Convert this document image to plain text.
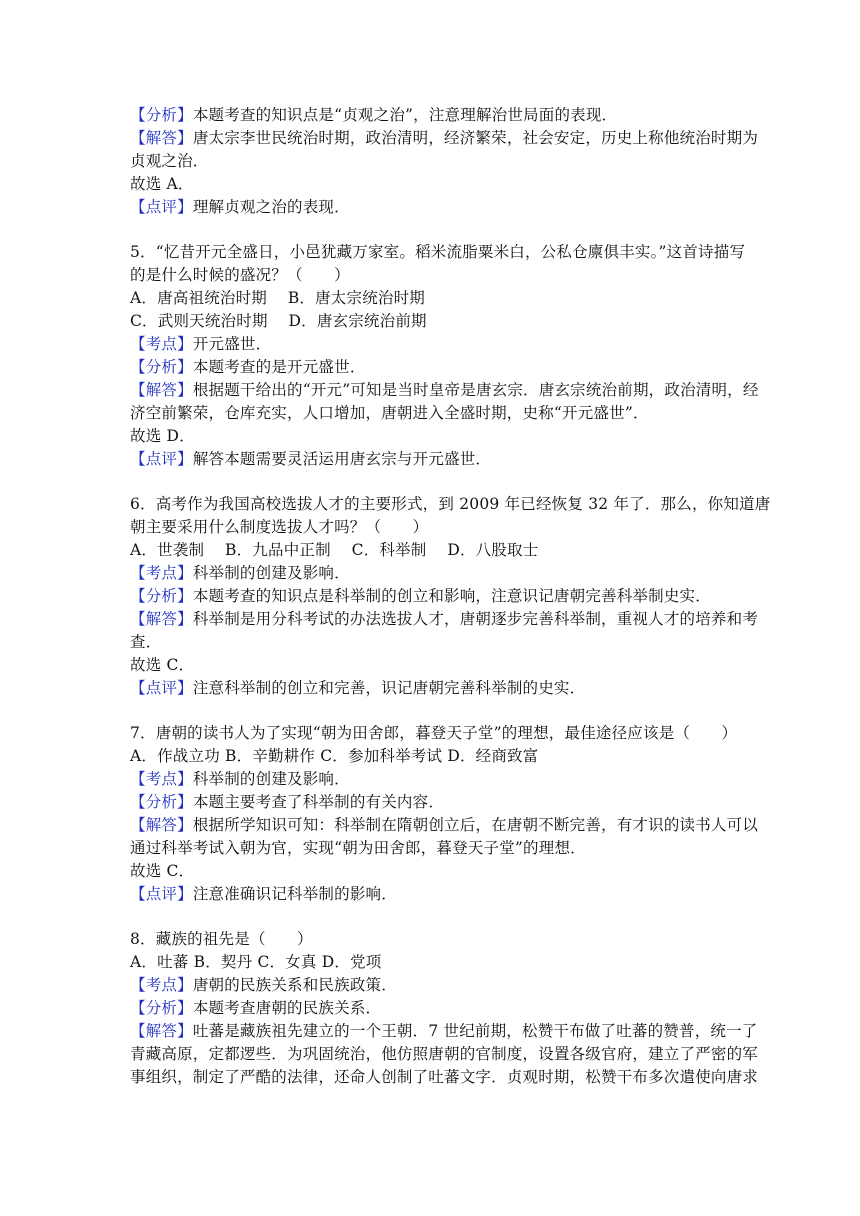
【分析】本题考查的知识点是“贞观之治”，注意理解治世局面的表现．
【解答】唐太宗李世民统治时期，政治清明，经济繁荣，社会安定，历史上称他统治时期为
贞观之治．
故选 A．
【点评】理解贞观之治的表现．
5．“忆昔开元全盛日，小邑犹藏万家室。稻米流脂粟米白，公私仓廪俱丰实。”这首诗描写
的是什么时候的盛况？（　　）
A．唐高祖统治时期　 B．唐太宗统治时期
C．武则天统治时期　 D．唐玄宗统治前期
【考点】开元盛世．
【分析】本题考查的是开元盛世．
【解答】根据题干给出的“开元”可知是当时皇帝是唐玄宗．唐玄宗统治前期，政治清明，经
济空前繁荣，仓库充实，人口增加，唐朝进入全盛时期，史称“开元盛世”．
故选 D．
【点评】解答本题需要灵活运用唐玄宗与开元盛世．
6．高考作为我国高校选拔人才的主要形式，到 2009 年已经恢复 32 年了．那么，你知道唐
朝主要采用什么制度选拔人才吗？（　　）
A．世袭制　 B．九品中正制　 C．科举制　 D．八股取士
【考点】科举制的创建及影响．
【分析】本题考查的知识点是科举制的创立和影响，注意识记唐朝完善科举制史实．
【解答】科举制是用分科考试的办法选拔人才，唐朝逐步完善科举制，重视人才的培养和考
查．
故选 C．
【点评】注意科举制的创立和完善，识记唐朝完善科举制的史实．
7．唐朝的读书人为了实现“朝为田舍郎，暮登天子堂”的理想，最佳途径应该是（　　）
A．作战立功 B．辛勤耕作 C．参加科举考试 D．经商致富
【考点】科举制的创建及影响．
【分析】本题主要考查了科举制的有关内容．
【解答】根据所学知识可知：科举制在隋朝创立后，在唐朝不断完善，有才识的读书人可以
通过科举考试入朝为官，实现“朝为田舍郎，暮登天子堂”的理想．
故选 C．
【点评】注意准确识记科举制的影响．
8．藏族的祖先是（　　）
A．吐蕃 B．契丹 C．女真 D．党项
【考点】唐朝的民族关系和民族政策．
【分析】本题考查唐朝的民族关系．
【解答】吐蕃是藏族祖先建立的一个王朝．7 世纪前期，松赞干布做了吐蕃的赞普，统一了
青藏高原，定都逻些．为巩固统治，他仿照唐朝的官制度，设置各级官府，建立了严密的军
事组织，制定了严酷的法律，还命人创制了吐蕃文字．贞观时期，松赞干布多次遣使向唐求
